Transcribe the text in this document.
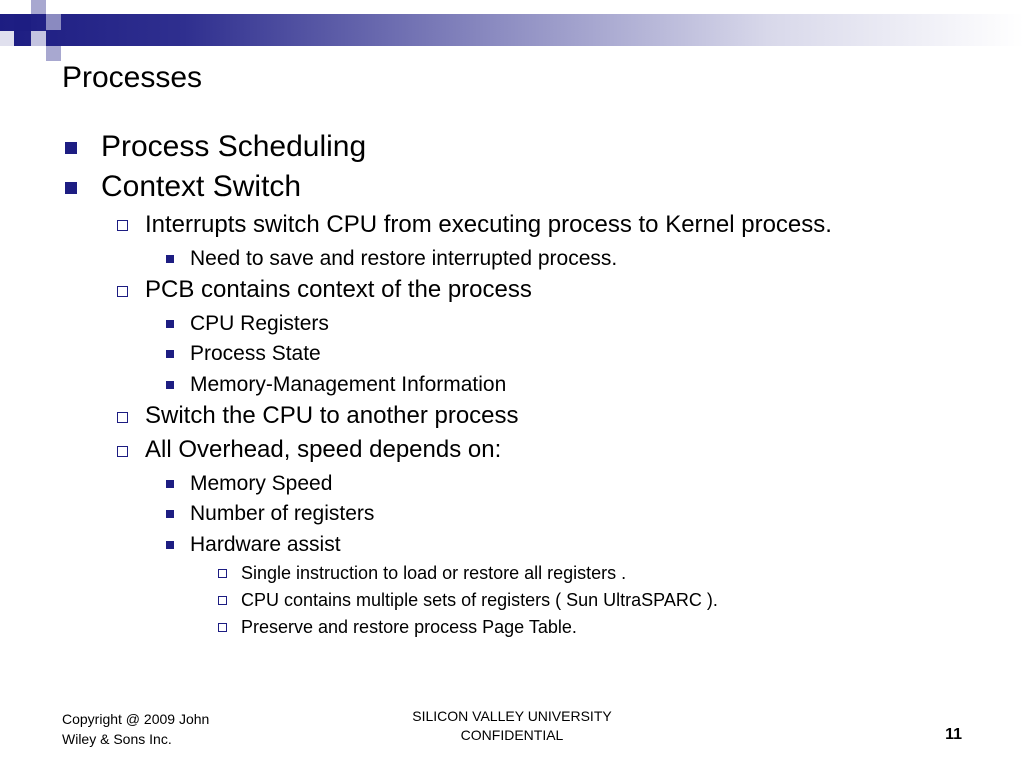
Processes
Process Scheduling
Context Switch
Interrupts switch CPU from executing process to Kernel process.
Need to save and restore interrupted process.
PCB contains context of the process
CPU Registers
Process State
Memory-Management Information
Switch the CPU to another process
All Overhead, speed depends on:
Memory Speed
Number of registers
Hardware assist
Single instruction to load or restore all registers .
CPU contains multiple sets of registers ( Sun UltraSPARC ).
Preserve and restore process Page Table.
Copyright @ 2009 John
Wiley & Sons Inc.
SILICON VALLEY UNIVERSITY
CONFIDENTIAL	11
